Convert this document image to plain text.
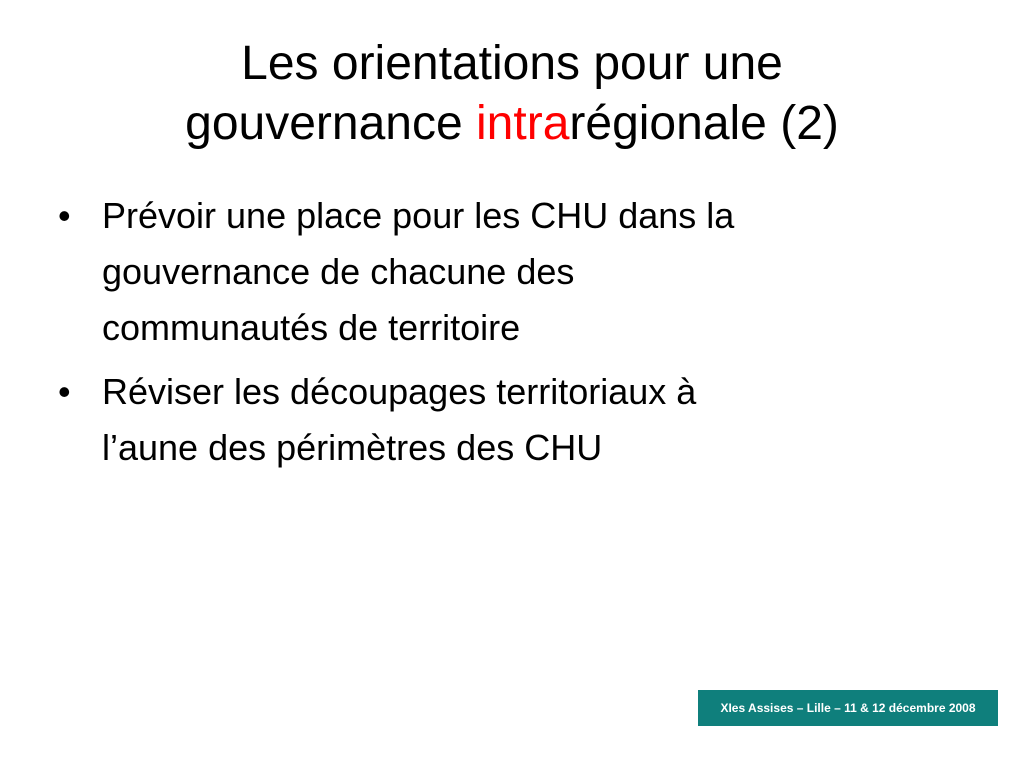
Les orientations pour une
gouvernance intrarégionale (2)
• Prévoir une place pour les CHU dans la
gouvernance de chacune des
communautés de territoire
• Réviser les découpages territoriaux à
l’aune des périmètres des CHU
XIes Assises – Lille – 11 & 12 décembre 2008
